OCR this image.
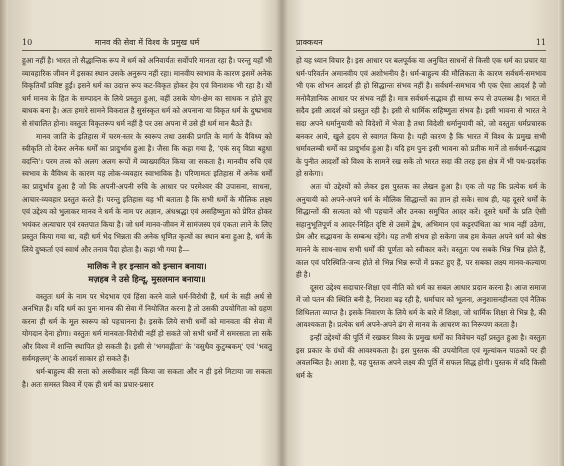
10	मानव की सेवा में विश्व के प्रमुख धर्म

हुआ नहीं है। भारत तो सैद्धान्तिक रूप में धर्म को अनिवार्यतः सर्वोपरि मानता रहा है। परन्तु यहाँ भी व्यावहारिक जीवन में इसका स्थान उसके अनुरूप नहीं रहा। मानवीय स्वभाव के कारण इसमें अनेक विकृतियाँ प्रविष्ट हुईं। इसने धर्म का उदात्त रूप कट-विकृत होकर हेय एवं विनाशक भी रहा है। यों धर्म मानव के हित के सम्पादन के लिये प्रस्तुत हुआ, वहीं उसके योग-क्षेम का साधक न होते हुए बाधक बना है। अतः हमारे सामने विकराल है सुसंस्कृत धर्म को अपनाना या विकृत धर्म के दुष्प्रभाव से संचालित होना। वस्तुतः विकृतरूप धर्म नहीं है पर उस अपना में उसे ही धर्म मान बैठते हैं।

मानव जाति के इतिहास में चरम-स्तर के स्वरूप तथा उसकी प्रगति के मार्ग के वैविध्य को स्वीकृति तो देकर अनेक धर्मों का प्रादुर्भाव हुआ है। जैसा कि कहा गया है, 'एकं सद् विप्रा बहुधा वदन्ति'। परम तत्त्व को अलग अलग रूपों में व्याख्यायित किया जा सकता है। मानवीय रुचि एवं स्वभाव के वैविध्य के कारण यह लोक-व्यवहार स्वाभाविक है। परिणामतः इतिहास में अनेक धर्मों का प्रादुर्भाव हुआ है जो कि अपनी-अपनी रुचि के आधार पर परमेश्वर की उपासना, साधना, आचार-व्यवहार प्रस्तुत करते हैं। परन्तु इतिहास यह भी बताता है कि सभी धर्मों के मौलिक लक्ष्य एवं उद्देश्य को भुलाकर मानव ने धर्म के नाम पर अज्ञान, अंधश्रद्धा एवं असहिष्णुता को प्रेरित होकर भयंकर अत्याचार एवं रक्तपात किया है। जो धर्म मानव-जीवन में सामंजस्य एवं एकता लाने के लिए प्रस्तुत किया गया था, वही धर्म भेद भिन्नता की अनेक धृणित कृत्यों का स्थान बना हुआ है, धर्म के लिये दुष्कर्ता एवं स्वार्थ और तनाव पैदा होता है। कहा भी गया है—

मालिक ने हर इन्सान को इन्सान बनाया।
मज़हब ने उसे हिन्दू, मुसलमान बनाया॥

वस्तुतः धर्म के नाम पर भेदभाव एवं हिंसा करने वाले धर्म-विरोधी हैं, धर्म के सही अर्थ से अनभिज्ञ हैं। यदि धर्म का पुनः मानव की सेवा में नियोजित करना है तो उसकी उपयोगिता को ग्रहण करना ही धर्म के मूल स्वरूप को पहचानना है। इसके लिये सभी धर्मों को मानवता की सेवा में योगदान देना होगा। वस्तुतः धर्म मानवता-विरोधी नहीं हो सकते जो सभी धर्मों में समरसता ला सके और विश्व में शान्ति स्थापित हो सकती है। इसी से 'भगवद्गीता' के 'वसुधैव कुटुम्बकम्' एवं 'भवतु सर्वमङ्गलम्' के आदर्श साकार हो सकते हैं।

धर्म-बाहुल्य की सत्ता को अस्वीकार नहीं किया जा सकता और न ही इसे मिटाया जा सकता है। अतः समस्त विश्व में एक ही धर्म का प्रचार-प्रसार

11
प्राक्कथन

हो यह ध्यान विचार है। इस आधार पर बलपूर्वक या अनुचित साधनों से किसी एक धर्म का प्रचार या धर्म-परिवर्तन अमानवीय एवं अशोभनीय है। धर्म-बाहुल्य की मौलिकता के कारण सर्वधर्म-समभाव भी एक शोभन आदर्श ही हो सिद्धान्तः संभव नहीं है। सर्वधर्म-समभाव भी एक ऐसा आदर्श है जो मनोवैज्ञानिक आधार पर संभव नहीं है। मात्र सर्वधर्म-सद्भाव ही साध्य रूप से उपलब्ध है। भारत में सदैव इसी आदर्श को प्रस्तुत रही है। इसी से धार्मिक सहिष्णुता संभव है। इसी भावना से भारत ने सदा अपने धर्मानुयायी को विदेशों में भेजा है तथा विदेशी धर्मानुयायी को, जो वस्तुतः धर्मप्रचारक बनकर आये, खुले हृदय से स्वागत किया है। यही कारण है कि भारत में विश्व के प्रमुख सभी धर्मावलम्बी धर्मों का प्रादुर्भाव हुआ है। यदि हम पुनः इसी भावना को प्रतीक मानें तो सर्वधर्म-सद्भाव के पुनीत आदर्शों को विश्व के सामने रख सकें तो भारत सदा की तरह इस क्षेत्र में भी पथ-प्रदर्शक हो सकेगा।

अतः यो उद्देश्यों को लेकर इस पुस्तक का लेखन हुआ है। एक तो यह कि प्रत्येक धर्म के अनुयायी को अपने-अपने धर्म के मौलिक सिद्धान्तों का ज्ञान हो सके। साथ ही, यह दूसरे धर्मों के सिद्धान्तों की सत्यता को भी पहचानें और उनका समुचित आदर करें। दूसरे धर्मों के प्रति ऐसी सहानुभूतिपूर्ण व आदर-निहित दृष्टि से उसमें द्वेष, अभिमान एवं कट्टरपंथिता का भाव नहीं उठेगा, प्रेम और सद्भावना के सम्बन्ध रहेंगे। यह तभी संभव हो सकेगा जब हम केवल अपने धर्म को श्रेष्ठ मानने के साथ-साथ सभी धर्मों की पूर्णता को स्वीकार करें। वस्तुतः पथ सबके भिन्न भिन्न होते हैं, काल एवं परिस्थिति-जन्य होते से भिन्न भिन्न रूपों में प्रकट हुए हैं, पर सबका लक्ष्य मानव-कल्याण ही है।

दूसरा उद्देश्य सदाचार-शिक्षा एवं नीति को धर्म का सबल आधार प्रदान करना है। आज समाज में जो पतन की स्थिति बनी है, निराशा बढ़ रही है, धर्माचार को भूलना, अनुशासनहीनता एवं नैतिक शिथिलता व्याप्त है। इसके निवारण के लिये धर्म के बारे में शिक्षा, जो धार्मिक शिक्षा से भिन्न है, की आवश्यकता है। प्रत्येक धर्म अपने-अपने ढंग से मानव के आचरण का निरूपण करता है।

इन्हीं उद्देश्यों की पूर्ति में रखकर विश्व के प्रमुख धर्मों का विवेचन यहाँ प्रस्तुत हुआ है। वस्तुतः इस प्रकार के ग्रंथों की आवश्यकता है। इस पुस्तक की उपयोगिता एवं मूल्यांकन पाठकों पर ही अवलम्बित है। आशा है, यह पुस्तक अपने लक्ष्य की पूर्ति में सफल सिद्ध होगी। पुस्तक में यदि किसी धर्म के
